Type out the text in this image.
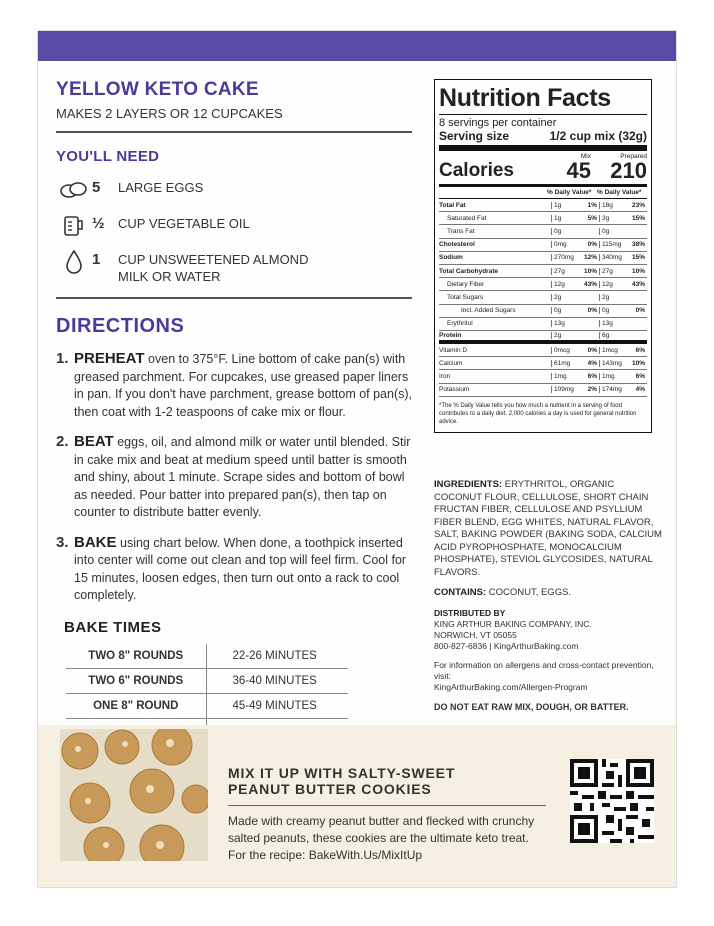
YELLOW KETO CAKE
MAKES 2 LAYERS OR 12 CUPCAKES
YOU'LL NEED
5	LARGE EGGS
½	CUP VEGETABLE OIL
1	CUP UNSWEETENED ALMOND MILK OR WATER
DIRECTIONS
1. PREHEAT oven to 375°F. Line bottom of cake pan(s) with greased parchment. For cupcakes, use greased paper liners in pan. If you don't have parchment, grease bottom of pan(s), then coat with 1-2 teaspoons of cake mix or flour.
2. BEAT eggs, oil, and almond milk or water until blended. Stir in cake mix and beat at medium speed until batter is smooth and shiny, about 1 minute. Scrape sides and bottom of bowl as needed. Pour batter into prepared pan(s), then tap on counter to distribute batter evenly.
3. BAKE using chart below. When done, a toothpick inserted into center will come out clean and top will feel firm. Cool for 15 minutes, loosen edges, then turn out onto a rack to cool completely.
BAKE TIMES
TWO 8" ROUNDS	22-26 MINUTES
TWO 6" ROUNDS	36-40 MINUTES
ONE 8" ROUND	45-49 MINUTES

Nutrition Facts
8 servings per container
Serving size	1/2 cup mix (32g)
Calories
Mix
45
Prepared
210
% Daily Value* % Daily Value*
Total Fat	1g	1% 18g	23%
Saturated Fat	1g	5% 3g	15%
Trans Fat	0g	0g
Cholesterol	0mg	0% 115mg	38%
Sodium	270mg	12% 340mg	15%
Total Carbohydrate	27g	10% 27g	10%
Dietary Fiber	12g	43% 12g	43%
Total Sugars	2g	2g
Incl. Added Sugars	0g	0% 0g	0%
Erythritol	13g	13g
Protein	2g	6g
Vitamin D	0mcg	0% 1mcg	6%
Calcium	61mg	4% 143mg	10%
Iron	1mg	6% 1mg	6%
Potassium	109mg	2% 174mg	4%
*The % Daily Value tells you how much a nutrient in a serving of food contributes to a daily diet. 2,000 calories a day is used for general nutrition advice.

INGREDIENTS: ERYTHRITOL, ORGANIC COCONUT FLOUR, CELLULOSE, SHORT CHAIN FRUCTAN FIBER, CELLULOSE AND PSYLLIUM FIBER BLEND, EGG WHITES, NATURAL FLAVOR, SALT, BAKING POWDER (BAKING SODA, CALCIUM ACID PYROPHOSPHATE, MONOCALCIUM PHOSPHATE), STEVIOL GLYCOSIDES, NATURAL FLAVORS.

CONTAINS: COCONUT, EGGS.

DISTRIBUTED BY
KING ARTHUR BAKING COMPANY, INC.
NORWICH, VT 05055
800-827-6836 | KingArthurBaking.com

For information on allergens and cross-contact prevention, visit:
KingArthurBaking.com/Allergen-Program

DO NOT EAT RAW MIX, DOUGH, OR BATTER.

MIX IT UP WITH SALTY-SWEET
PEANUT BUTTER COOKIES
Made with creamy peanut butter and flecked with crunchy salted peanuts, these cookies are the ultimate keto treat. For the recipe: BakeWith.Us/MixItUp
